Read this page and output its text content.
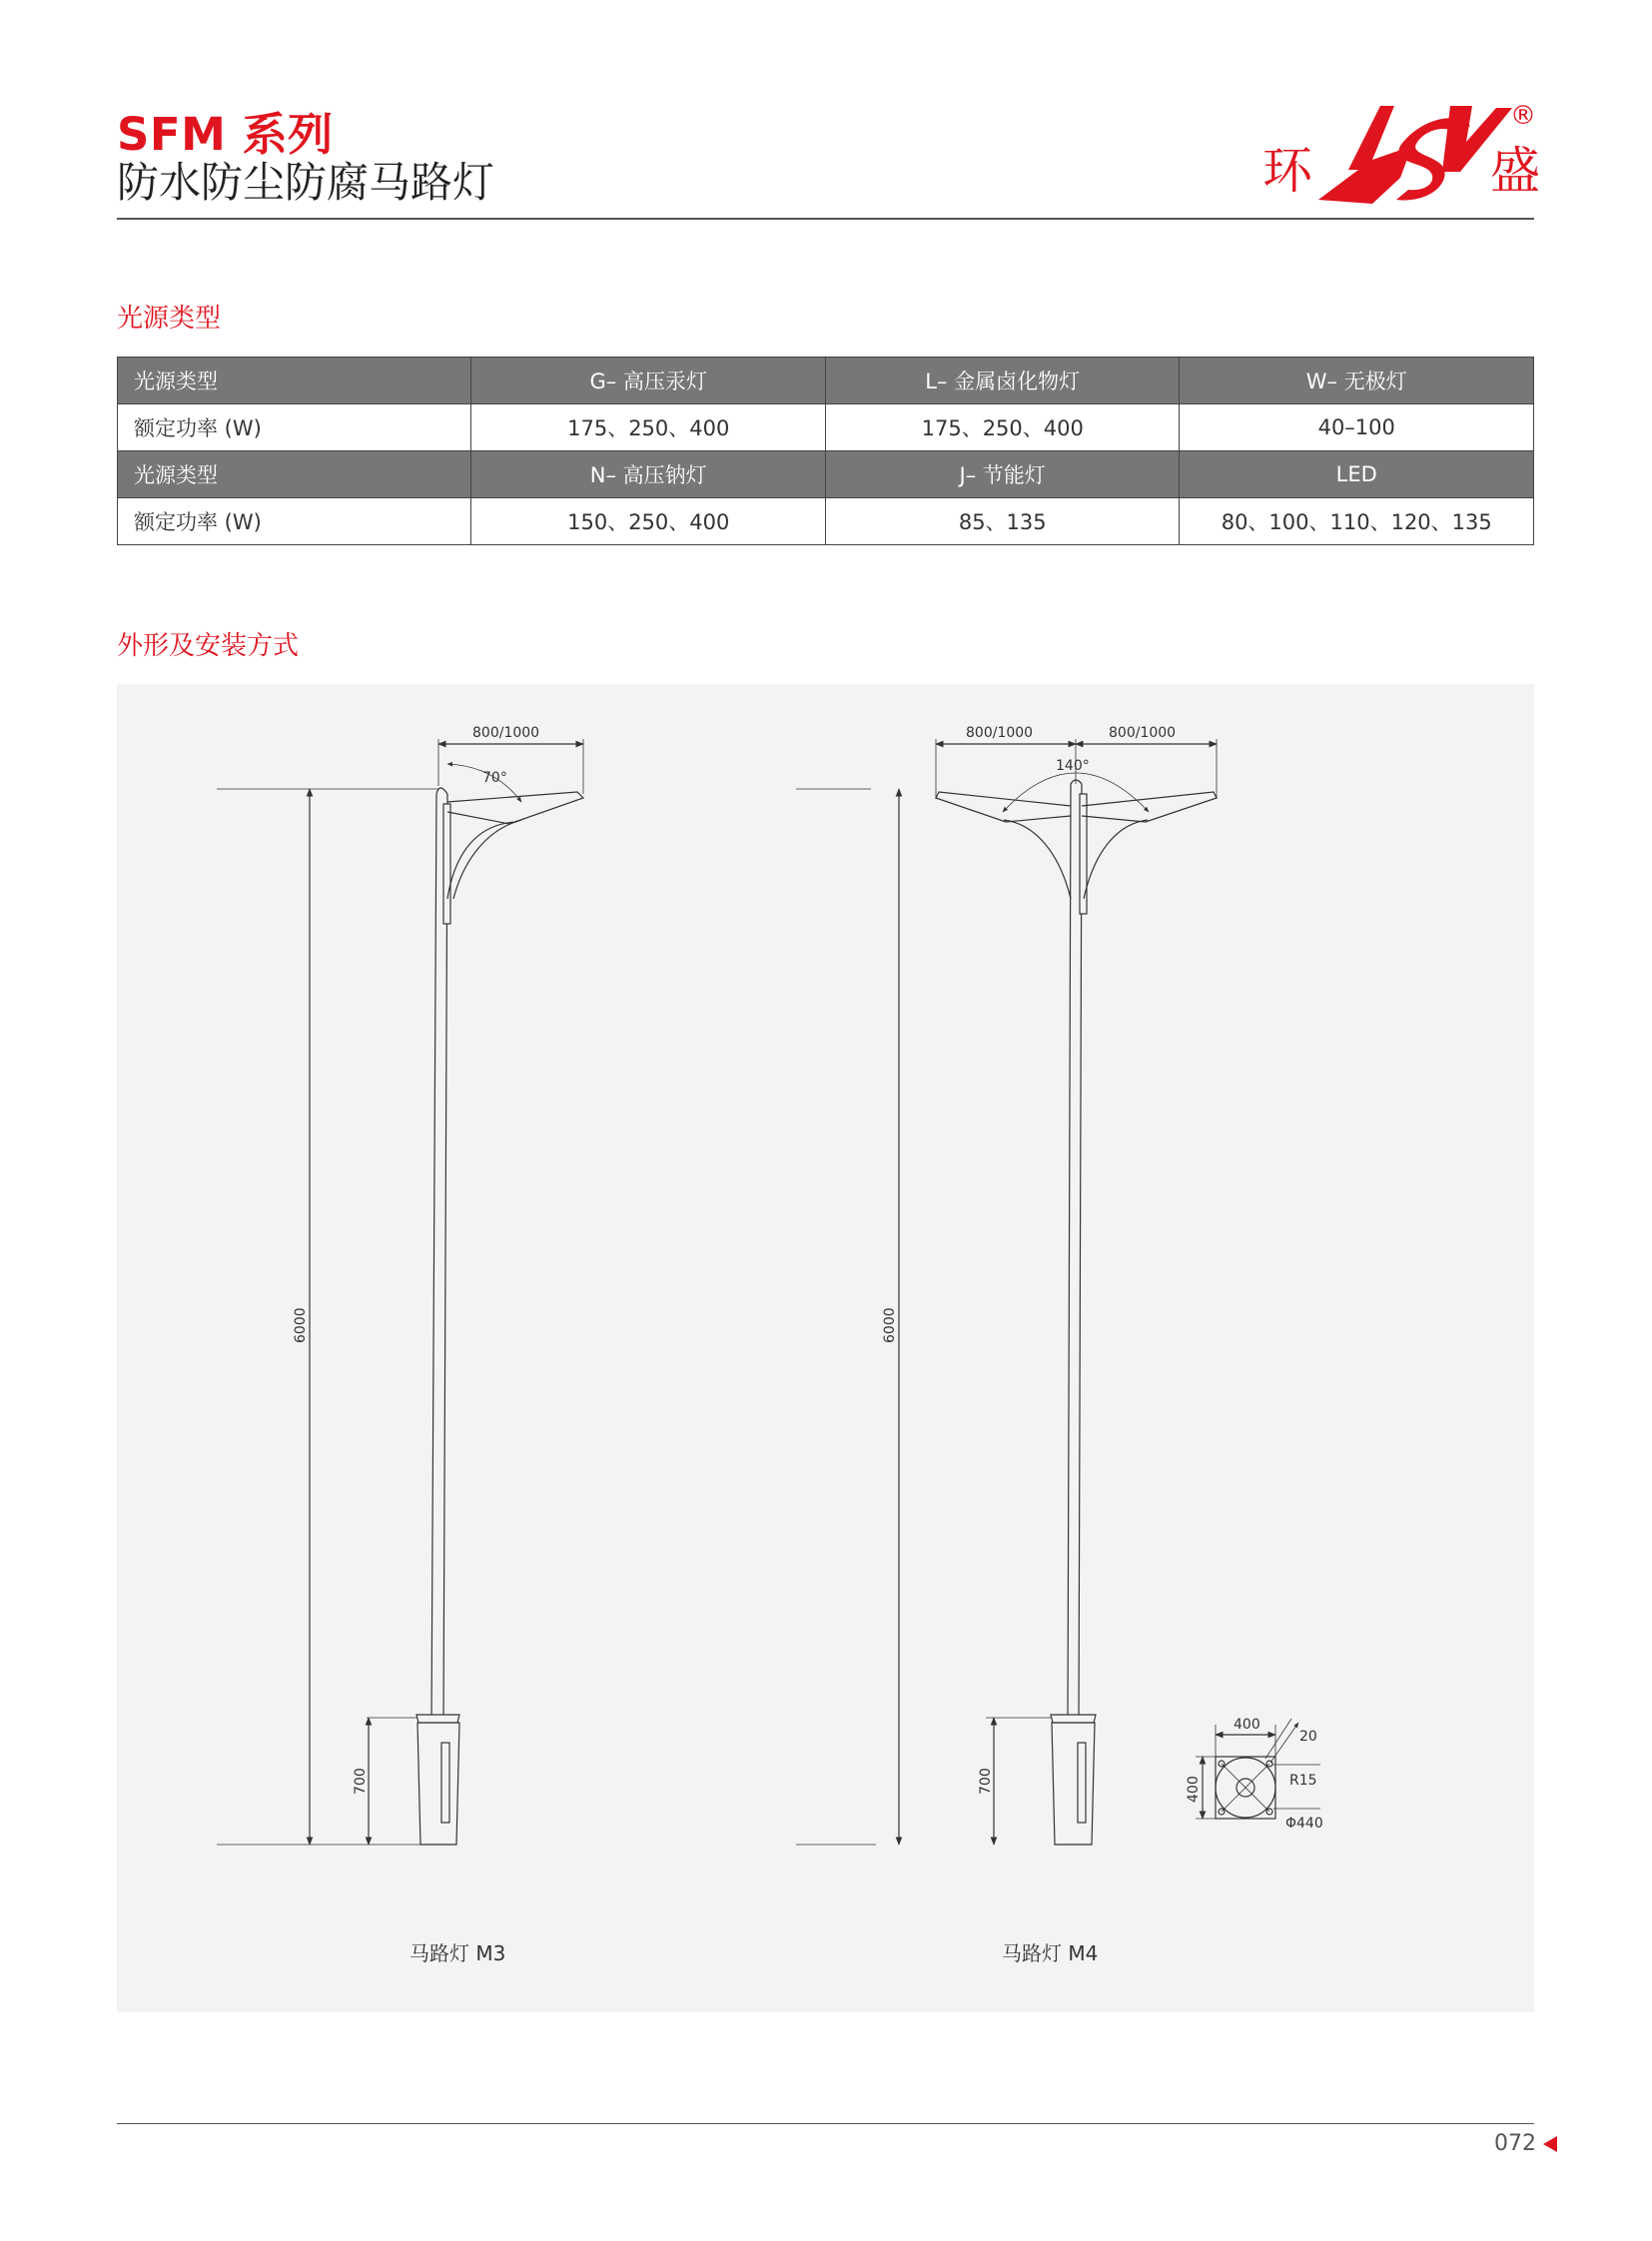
SFM 系列
防水防尘防腐马路灯	环	盛
®
光源类型
光源类型	G– 高压汞灯	L– 金属卤化物灯	W– 无极灯
额定功率 (W)	175、250、400	175、250、400	40–100
光源类型	N– 高压钠灯	J– 节能灯	LED
额定功率 (W)	150、250、400	85、135	80、100、110、120、135
外形及安装方式
800/1000
70°
6000
700
800/1000	800/1000
140°
6000
700
400
400
20
R15
Φ440
马路灯 M3	马路灯 M4
072
